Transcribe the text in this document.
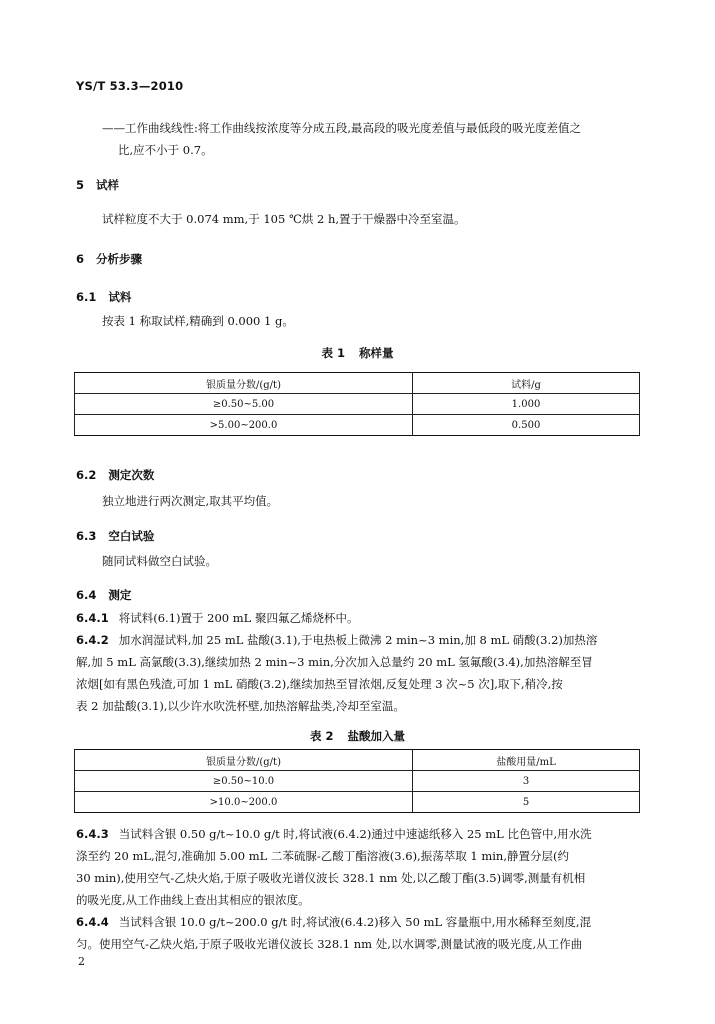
YS/T 53.3—2010
——工作曲线线性:将工作曲线按浓度等分成五段,最高段的吸光度差值与最低段的吸光度差值之
比,应不小于 0.7。
5 试样
试样粒度不大于 0.074 mm,于 105 ℃烘 2 h,置于干燥器中冷至室温。
6 分析步骤
6.1 试料
按表 1 称取试样,精确到 0.000 1 g。
表 1 称样量
银质量分数/(g/t)	试料/g
≥0.50~5.00	1.000
>5.00~200.0	0.500
6.2 测定次数
独立地进行两次测定,取其平均值。
6.3 空白试验
随同试料做空白试验。
6.4 测定
6.4.1 将试料(6.1)置于 200 mL 聚四氟乙烯烧杯中。
6.4.2 加水润湿试料,加 25 mL 盐酸(3.1),于电热板上微沸 2 min~3 min,加 8 mL 硝酸(3.2)加热溶
解,加 5 mL 高氯酸(3.3),继续加热 2 min~3 min,分次加入总量约 20 mL 氢氟酸(3.4),加热溶解至冒
浓烟[如有黑色残渣,可加 1 mL 硝酸(3.2),继续加热至冒浓烟,反复处理 3 次~5 次],取下,稍冷,按
表 2 加盐酸(3.1),以少许水吹洗杯壁,加热溶解盐类,冷却至室温。
表 2 盐酸加入量
银质量分数/(g/t)	盐酸用量/mL
≥0.50~10.0	3
>10.0~200.0	5
6.4.3 当试料含银 0.50 g/t~10.0 g/t 时,将试液(6.4.2)通过中速滤纸移入 25 mL 比色管中,用水洗
涤至约 20 mL,混匀,准确加 5.00 mL 二苯硫脲-乙酸丁酯溶液(3.6),振荡萃取 1 min,静置分层(约
30 min),使用空气-乙炔火焰,于原子吸收光谱仪波长 328.1 nm 处,以乙酸丁酯(3.5)调零,测量有机相
的吸光度,从工作曲线上查出其相应的银浓度。
6.4.4 当试料含银 10.0 g/t~200.0 g/t 时,将试液(6.4.2)移入 50 mL 容量瓶中,用水稀释至刻度,混
匀。使用空气-乙炔火焰,于原子吸收光谱仪波长 328.1 nm 处,以水调零,测量试液的吸光度,从工作曲
2
